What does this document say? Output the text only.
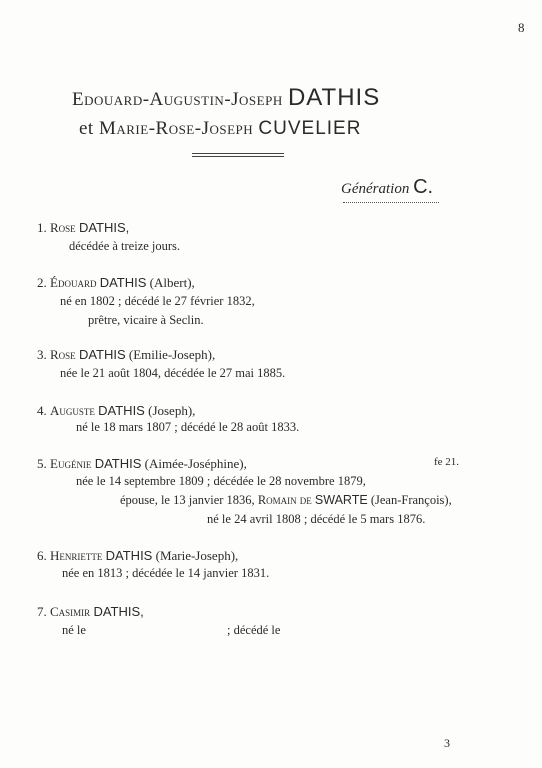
8
Edouard-Augustin-Joseph DATHIS
et Marie-Rose-Joseph CUVELIER
Génération C.
1. Rose DATHIS,
décédée à treize jours.
2. Édouard DATHIS (Albert),
né en 1802 ; décédé le 27 février 1832,
prêtre, vicaire à Seclin.
3. Rose DATHIS (Emilie-Joseph),
née le 21 août 1804, décédée le 27 mai 1885.
4. Auguste DATHIS (Joseph),
né le 18 mars 1807 ; décédé le 28 août 1833.
5. Eugénie DATHIS (Aimée-Joséphine),	fe 21.
née le 14 septembre 1809 ; décédée le 28 novembre 1879,
épouse, le 13 janvier 1836, Romain de SWARTE (Jean-François),
né le 24 avril 1808 ; décédé le 5 mars 1876.
6. Henriette DATHIS (Marie-Joseph),
née en 1813 ; décédée le 14 janvier 1831.
7. Casimir DATHIS,
né le	; décédé le
3
